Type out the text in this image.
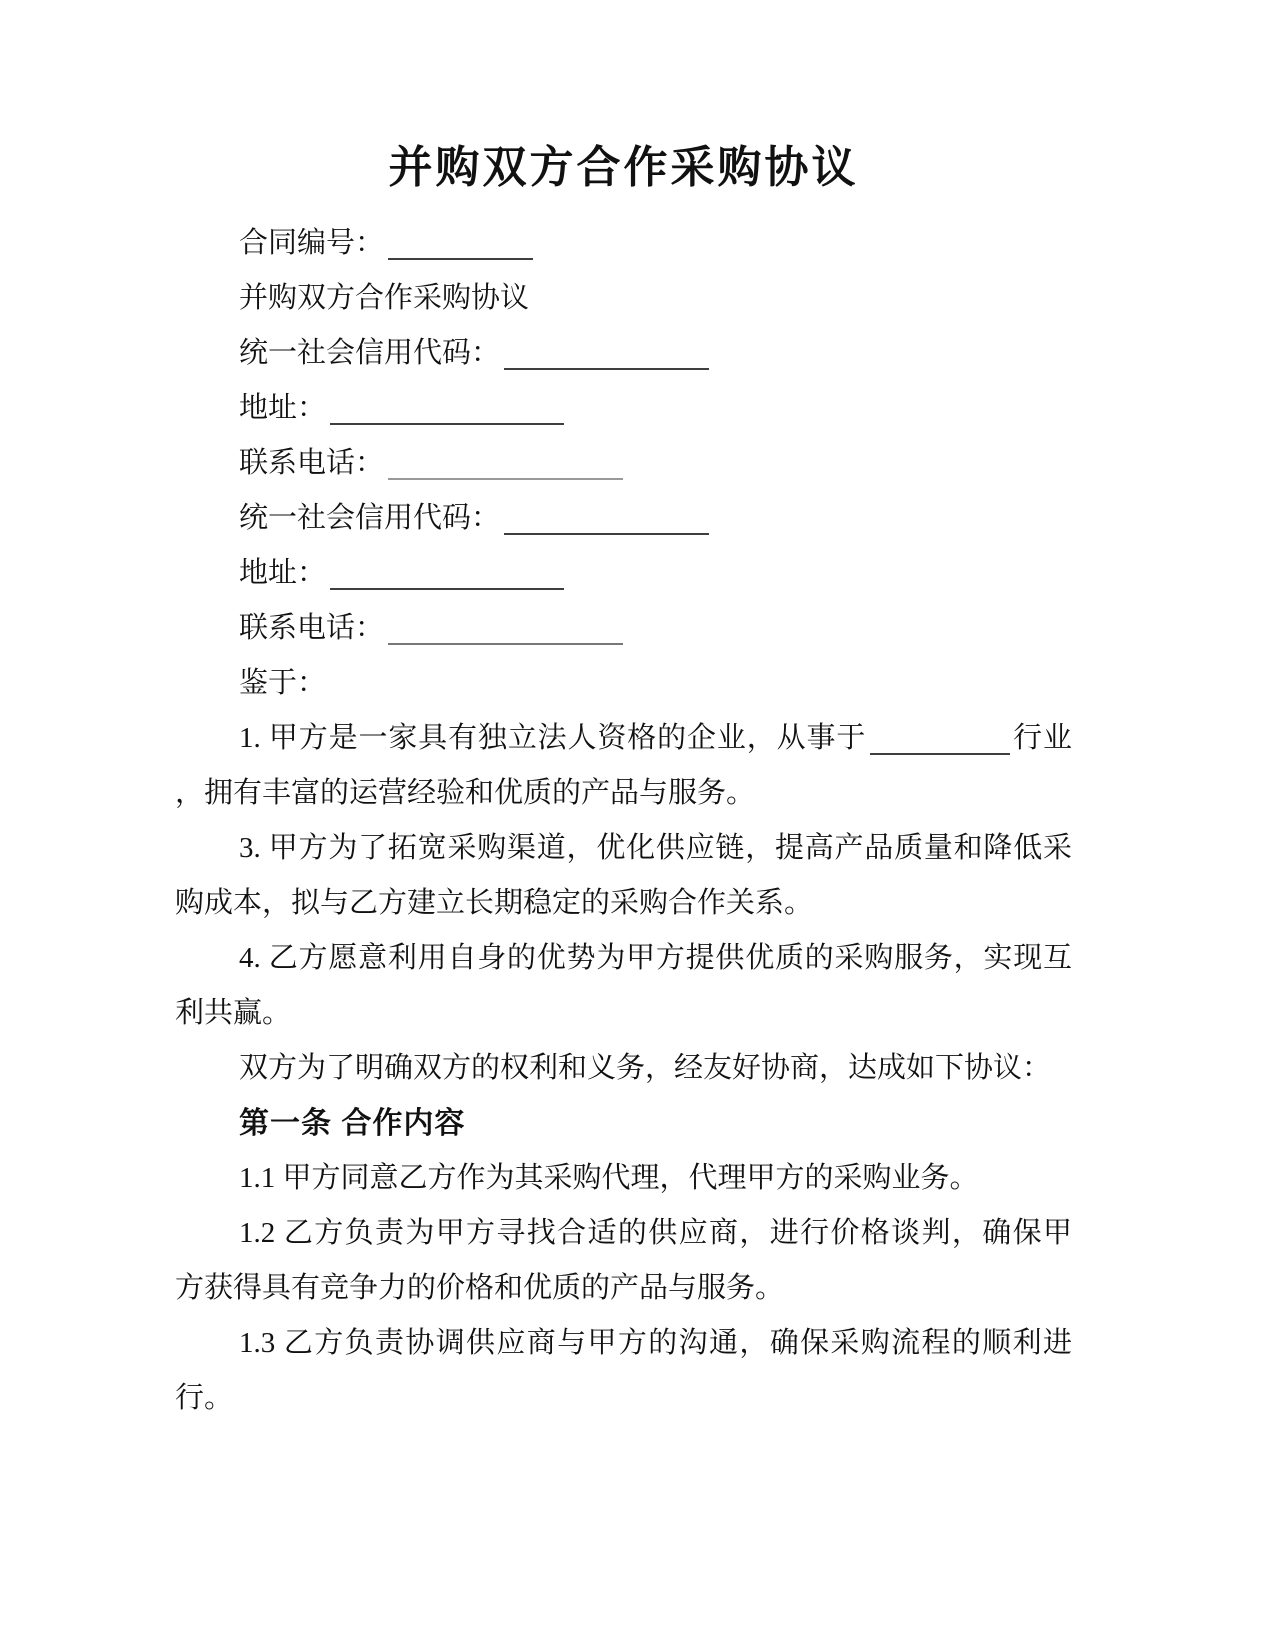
并购双方合作采购协议
合同编号：
并购双方合作采购协议
统一社会信用代码：
地址：
联系电话：
统一社会信用代码：
地址：
联系电话：
鉴于：
1. 甲方是一家具有独立法人资格的企业，从事于	行业
，拥有丰富的运营经验和优质的产品与服务。
3. 甲方为了拓宽采购渠道，优化供应链，提高产品质量和降低采
购成本，拟与乙方建立长期稳定的采购合作关系。
4. 乙方愿意利用自身的优势为甲方提供优质的采购服务，实现互
利共赢。
双方为了明确双方的权利和义务，经友好协商，达成如下协议：
第一条 合作内容
1.1 甲方同意乙方作为其采购代理，代理甲方的采购业务。
1.2 乙方负责为甲方寻找合适的供应商，进行价格谈判，确保甲
方获得具有竞争力的价格和优质的产品与服务。
1.3 乙方负责协调供应商与甲方的沟通，确保采购流程的顺利进
行。
